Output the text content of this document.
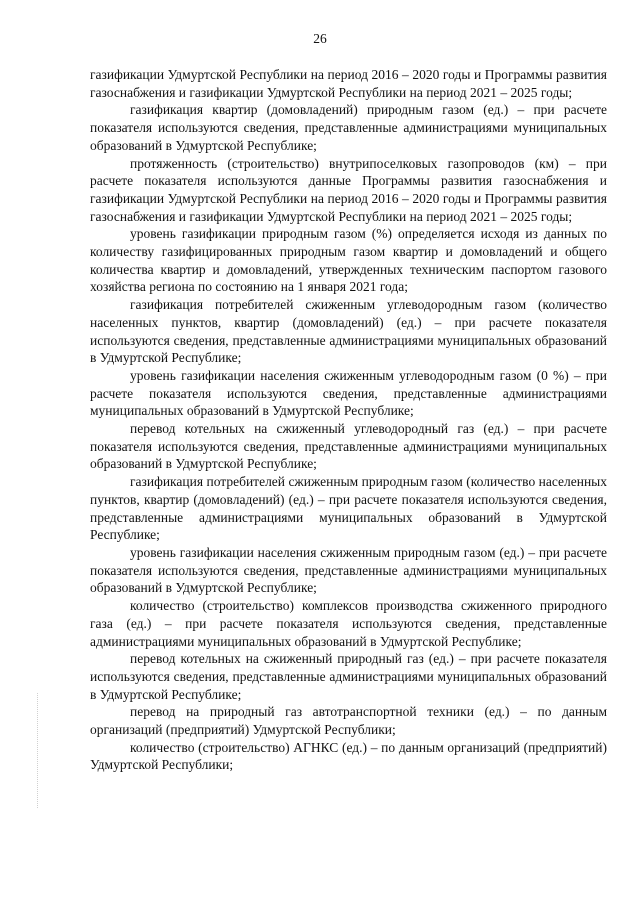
26

газификации Удмуртской Республики на период 2016 – 2020 годы и Программы развития газоснабжения и газификации Удмуртской Республики на период 2021 – 2025 годы;

газификация квартир (домовладений) природным газом (ед.) – при расчете показателя используются сведения, представленные администрациями муниципальных образований в Удмуртской Республике;

протяженность (строительство) внутрипоселковых газопроводов (км) – при расчете показателя используются данные Программы развития газоснабжения и газификации Удмуртской Республики на период 2016 – 2020 годы и Программы развития газоснабжения и газификации Удмуртской Республики на период 2021 – 2025 годы;

уровень газификации природным газом (%) определяется исходя из данных по количеству газифицированных природным газом квартир и домовладений и общего количества квартир и домовладений, утвержденных техническим паспортом газового хозяйства региона по состоянию на 1 января 2021 года;

газификация потребителей сжиженным углеводородным газом (количество населенных пунктов, квартир (домовладений) (ед.) – при расчете показателя используются сведения, представленные администрациями муниципальных образований в Удмуртской Республике;

уровень газификации населения сжиженным углеводородным газом (0 %) – при расчете показателя используются сведения, представленные администрациями муниципальных образований в Удмуртской Республике;

перевод котельных на сжиженный углеводородный газ (ед.) – при расчете показателя используются сведения, представленные администрациями муниципальных образований в Удмуртской Республике;

газификация потребителей сжиженным природным газом (количество населенных пунктов, квартир (домовладений) (ед.) – при расчете показателя используются сведения, представленные администрациями муниципальных образований в Удмуртской Республике;

уровень газификации населения сжиженным природным газом (ед.) – при расчете показателя используются сведения, представленные администрациями муниципальных образований в Удмуртской Республике;

количество (строительство) комплексов производства сжиженного природного газа (ед.) – при расчете показателя используются сведения, представленные администрациями муниципальных образований в Удмуртской Республике;

перевод котельных на сжиженный природный газ (ед.) – при расчете показателя используются сведения, представленные администрациями муниципальных образований в Удмуртской Республике;

перевод на природный газ автотранспортной техники (ед.) – по данным организаций (предприятий) Удмуртской Республики;

количество (строительство) АГНКС (ед.) – по данным организаций (предприятий) Удмуртской Республики;
